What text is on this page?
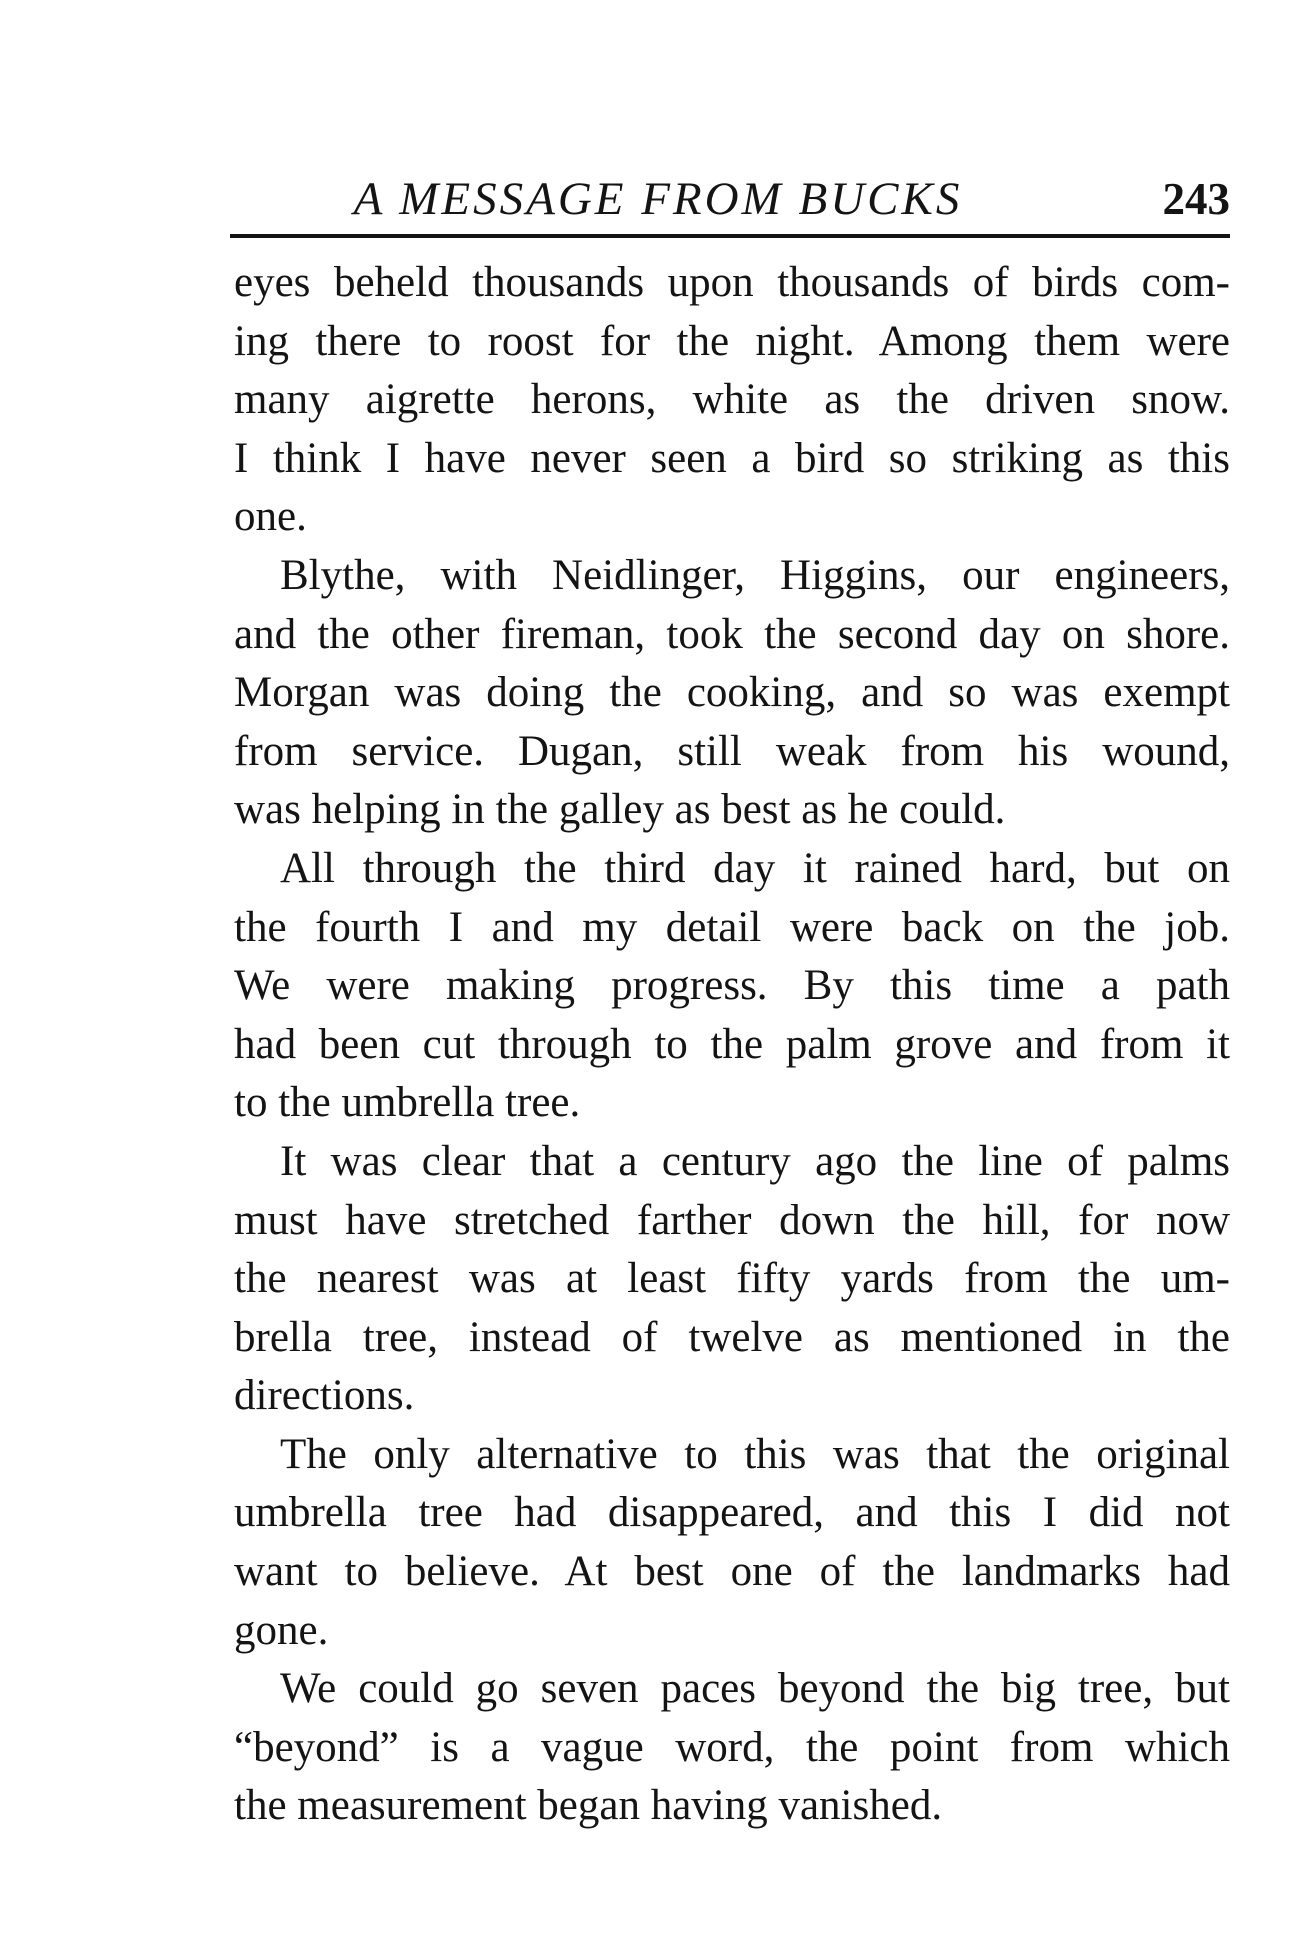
A MESSAGE FROM BUCKS	243

eyes beheld thousands upon thousands of birds com-
ing there to roost for the night. Among them were
many aigrette herons, white as the driven snow.
I think I have never seen a bird so striking as this
one.

Blythe, with Neidlinger, Higgins, our engineers,
and the other fireman, took the second day on shore.
Morgan was doing the cooking, and so was exempt
from service. Dugan, still weak from his wound,
was helping in the galley as best as he could.

All through the third day it rained hard, but on
the fourth I and my detail were back on the job.
We were making progress. By this time a path
had been cut through to the palm grove and from it
to the umbrella tree.

It was clear that a century ago the line of palms
must have stretched farther down the hill, for now
the nearest was at least fifty yards from the um-
brella tree, instead of twelve as mentioned in the
directions.

The only alternative to this was that the original
umbrella tree had disappeared, and this I did not
want to believe. At best one of the landmarks had
gone.

We could go seven paces beyond the big tree, but
“beyond” is a vague word, the point from which
the measurement began having vanished.
